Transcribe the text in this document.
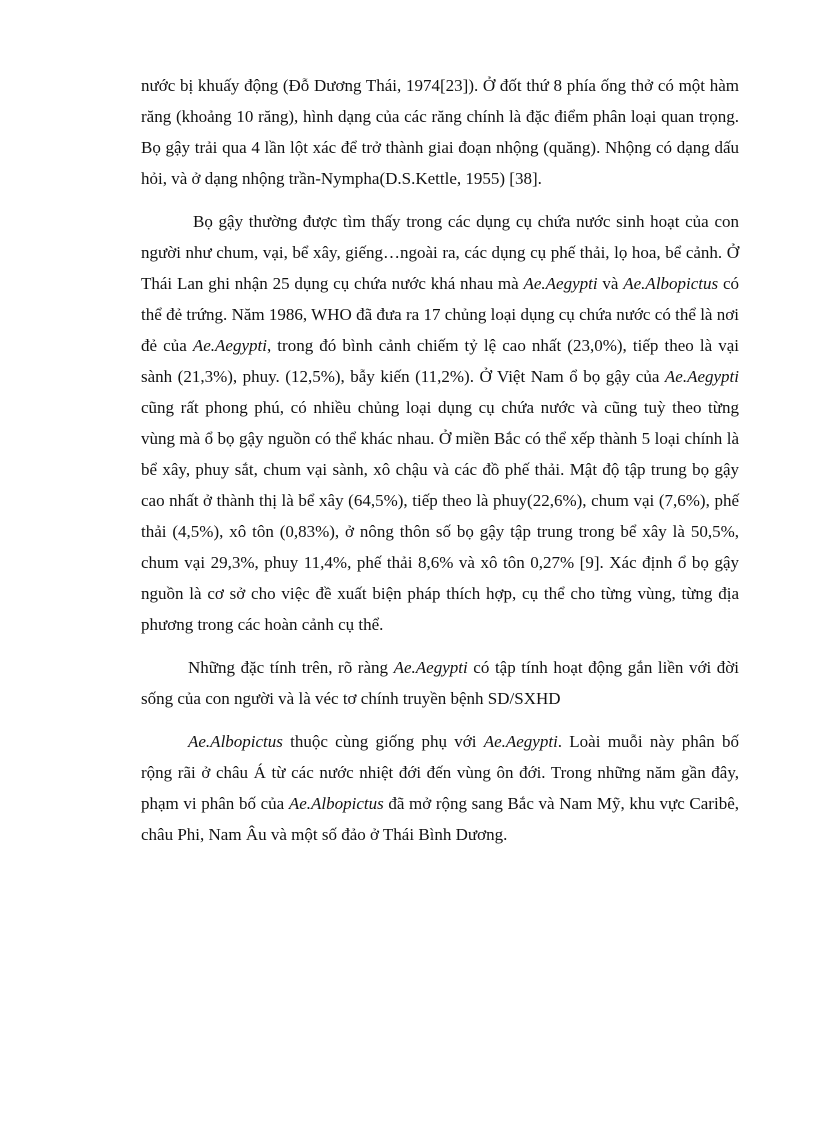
nước bị khuấy động (Đỗ Dương Thái, 1974[23]). Ở đốt thứ 8 phía ống thở có một hàm răng (khoảng 10 răng), hình dạng của các răng chính là đặc điểm phân loại quan trọng. Bọ gậy trải qua 4 lần lột xác để trở thành giai đoạn nhộng (quăng). Nhộng có dạng dấu hỏi, và ở dạng nhộng trần-Nympha(D.S.Kettle, 1955) [38].

Bọ gậy thường được tìm thấy trong các dụng cụ chứa nước sinh hoạt của con người như chum, vại, bể xây, giếng…ngoài ra, các dụng cụ phế thải, lọ hoa, bể cảnh. Ở Thái Lan ghi nhận 25 dụng cụ chứa nước khá nhau mà Ae.Aegypti và Ae.Albopictus có thể đẻ trứng. Năm 1986, WHO đã đưa ra 17 chủng loại dụng cụ chứa nước có thể là nơi đẻ của Ae.Aegypti, trong đó bình cảnh chiếm tỷ lệ cao nhất (23,0%), tiếp theo là vại sành (21,3%), phuy. (12,5%), bẫy kiến (11,2%). Ở Việt Nam ổ bọ gậy của Ae.Aegypti cũng rất phong phú, có nhiều chủng loại dụng cụ chứa nước và cũng tuỳ theo từng vùng mà ổ bọ gậy nguồn có thể khác nhau. Ở miền Bắc có thể xếp thành 5 loại chính là bể xây, phuy sắt, chum vại sành, xô chậu và các đồ phế thải. Mật độ tập trung bọ gậy cao nhất ở thành thị là bể xây (64,5%), tiếp theo là phuy(22,6%), chum vại (7,6%), phế thải (4,5%), xô tôn (0,83%), ở nông thôn số bọ gậy tập trung trong bể xây là 50,5%, chum vại 29,3%, phuy 11,4%, phế thải 8,6% và xô tôn 0,27% [9]. Xác định ổ bọ gậy nguồn là cơ sở cho việc đề xuất biện pháp thích hợp, cụ thể cho từng vùng, từng địa phương trong các hoàn cảnh cụ thể.

Những đặc tính trên, rõ ràng Ae.Aegypti có tập tính hoạt động gắn liền với đời sống của con người và là véc tơ chính truyền bệnh SD/SXHD

Ae.Albopictus thuộc cùng giống phụ với Ae.Aegypti. Loài muỗi này phân bố rộng rãi ở châu Á từ các nước nhiệt đới đến vùng ôn đới. Trong những năm gần đây, phạm vi phân bố của Ae.Albopictus đã mở rộng sang Bắc và Nam Mỹ, khu vực Caribê, châu Phi, Nam Âu và một số đảo ở Thái Bình Dương.
